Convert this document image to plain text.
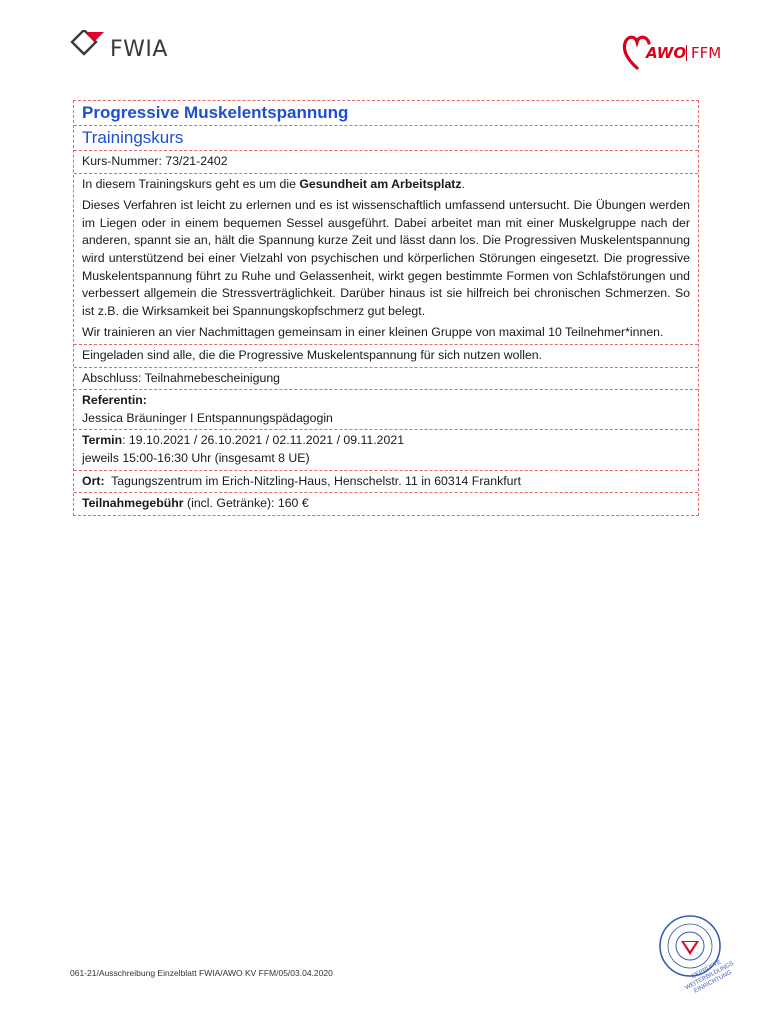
FWIA	AWO FFM
Progressive Muskelentspannung
Trainingskurs
Kurs-Nummer: 73/21-2402

In diesem Trainingskurs geht es um die Gesundheit am Arbeitsplatz.

Dieses Verfahren ist leicht zu erlernen und es ist wissenschaftlich umfassend untersucht. Die Übungen werden im Liegen oder in einem bequemen Sessel ausgeführt. Dabei arbeitet man mit einer Muskelgruppe nach der anderen, spannt sie an, hält die Spannung kurze Zeit und lässt dann los. Die Progressiven Muskelentspannung wird unterstützend bei einer Vielzahl von psychischen und körperlichen Störungen eingesetzt. Die progressive Muskelentspannung führt zu Ruhe und Gelassenheit, wirkt gegen bestimmte Formen von Schlafstörungen und verbessert allgemein die Stressverträglichkeit. Darüber hinaus ist sie hilfreich bei chronischen Schmerzen. So ist z.B. die Wirksamkeit bei Spannungskopfschmerz gut belegt.

Wir trainieren an vier Nachmittagen gemeinsam in einer kleinen Gruppe von maximal 10 Teilnehmer*innen.

Eingeladen sind alle, die die Progressive Muskelentspannung für sich nutzen wollen.
Abschluss: Teilnahmebescheinigung
Referentin:
Jessica Bräuninger I Entspannungspädagogin
Termin: 19.10.2021 / 26.10.2021 / 02.11.2021 / 09.11.2021
jeweils 15:00-16:30 Uhr (insgesamt 8 UE)
Ort:  Tagungszentrum im Erich-Nitzling-Haus, Henschelstr. 11 in 60314 Frankfurt
Teilnahmegebühr (incl. Getränke): 160 €
061-21/Ausschreibung Einzelblatt FWIA/AWO KV FFM/05/03.04.2020	GEPRÜFTE WEITERBILDUNGS EINRICHTUNG
